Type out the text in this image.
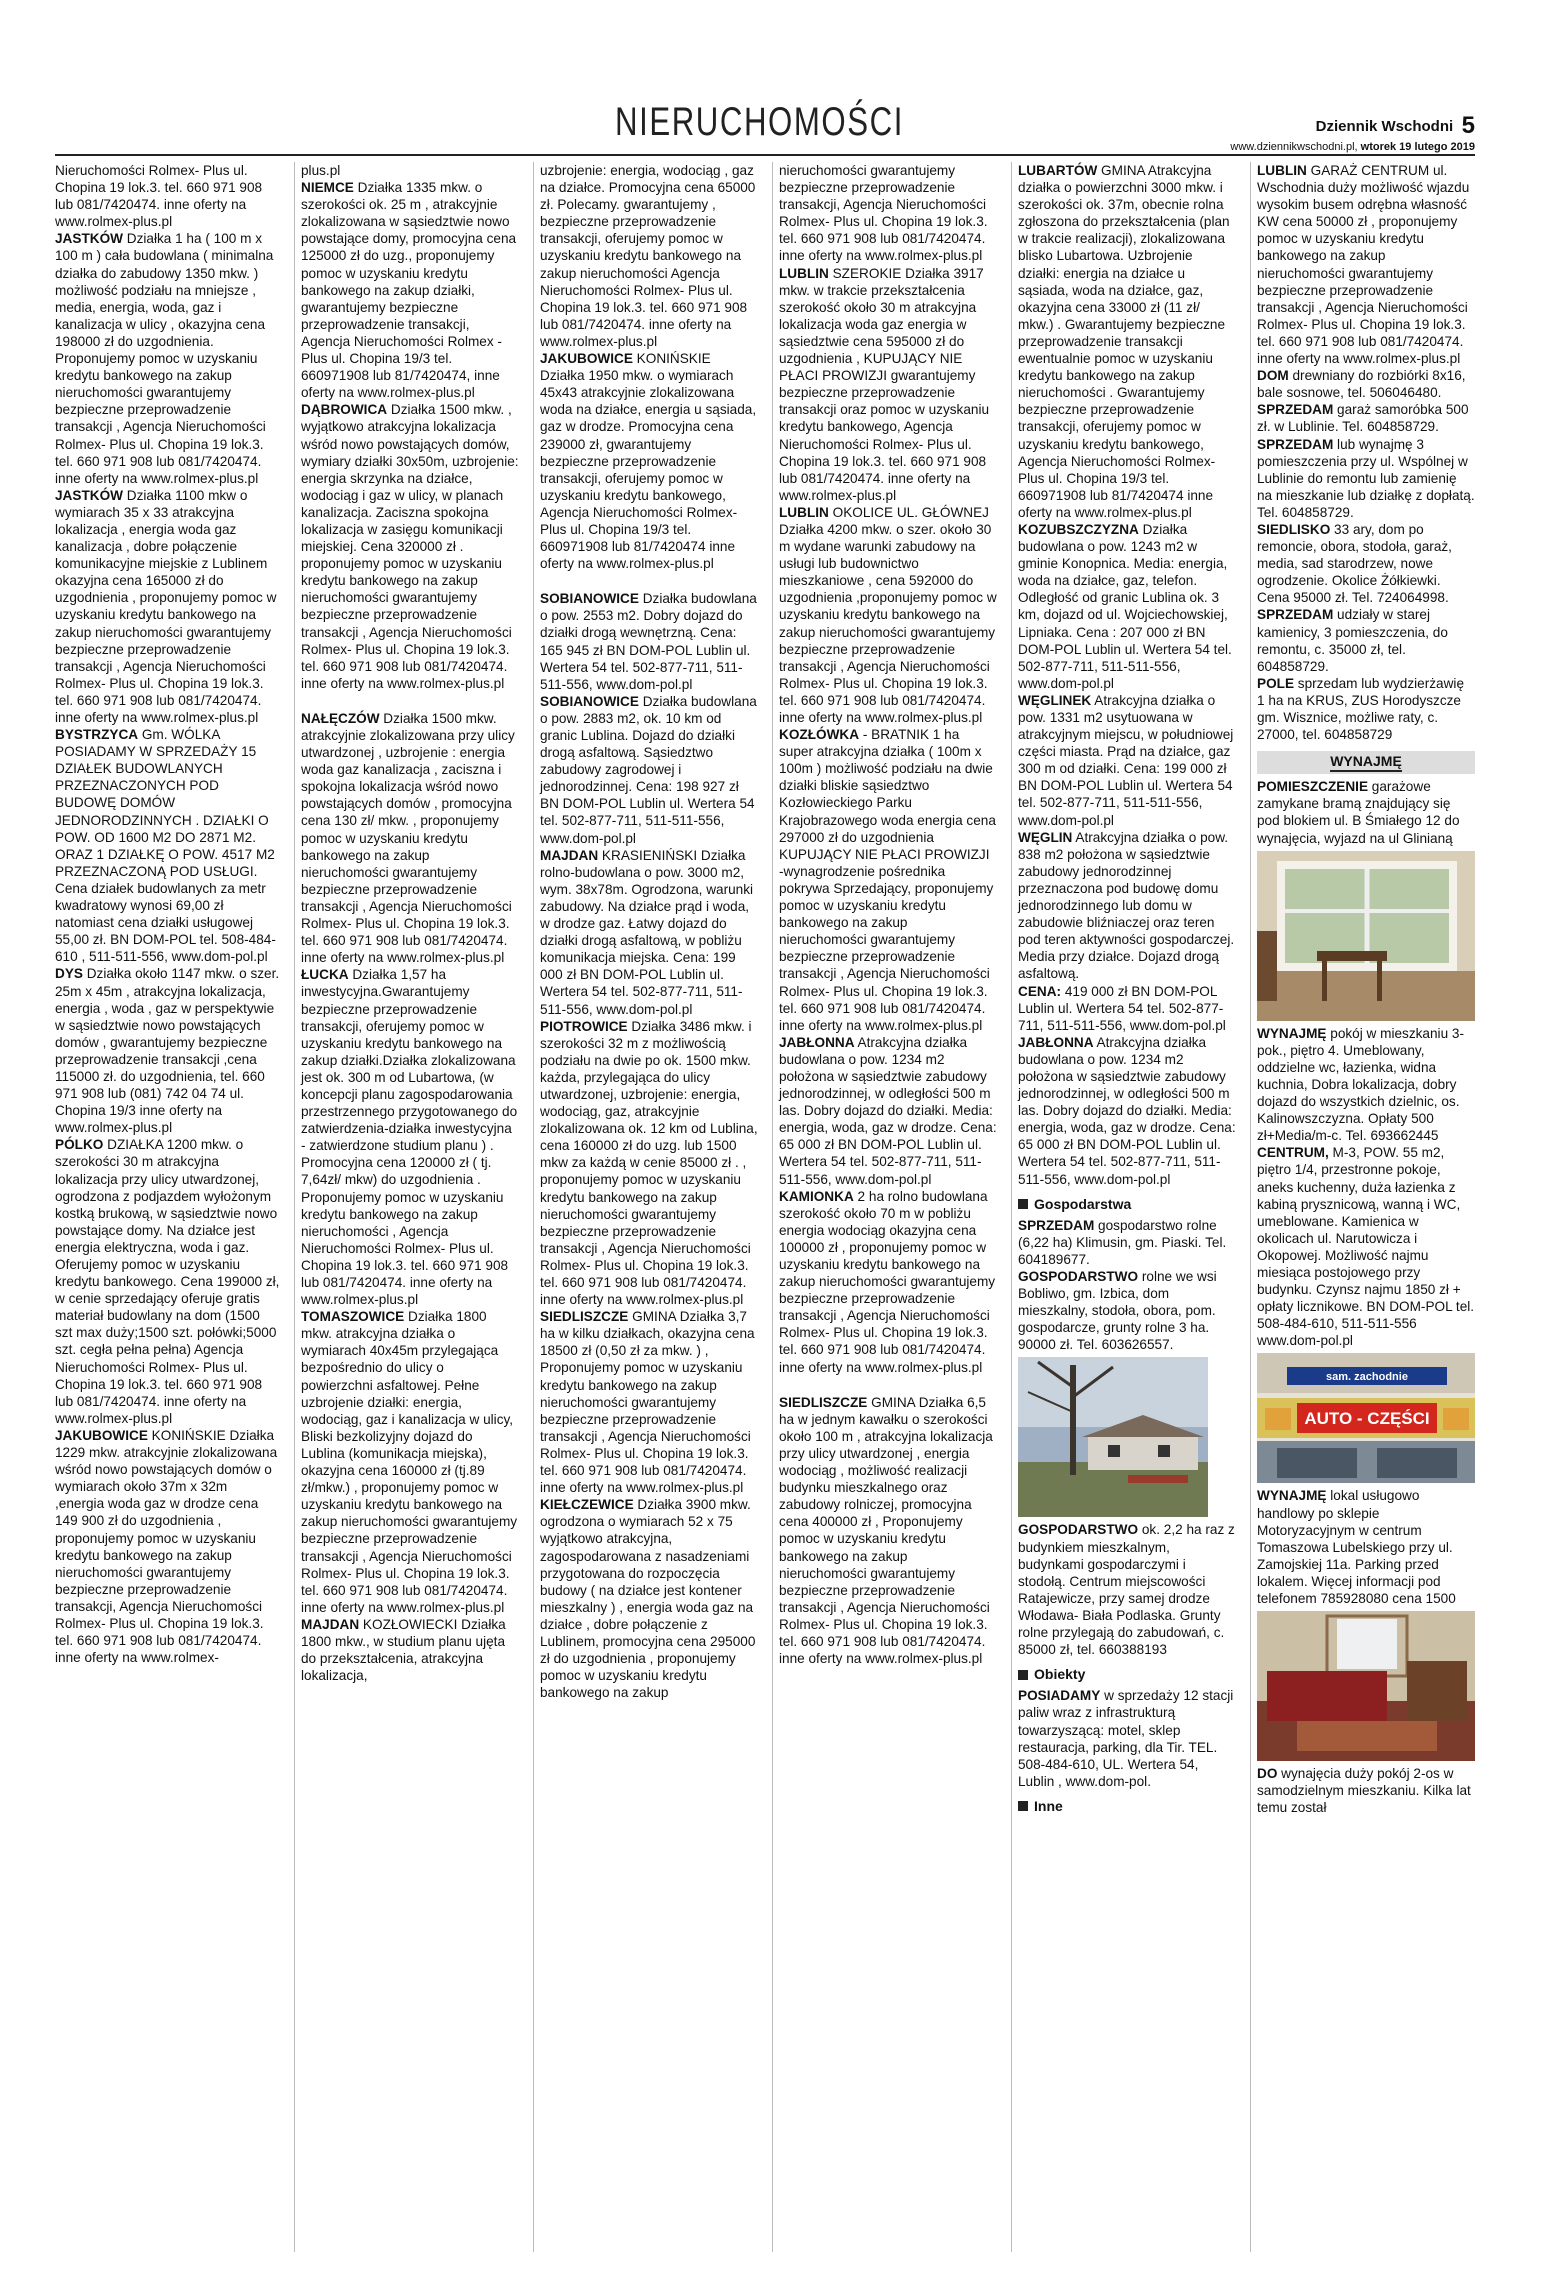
NIERUCHOMOŚCI	Dziennik Wschodni 5
www.dziennikwschodni.pl, wtorek 19 lutego 2019

Nieruchomości Rolmex- Plus ul. Chopina 19 lok.3. tel. 660 971 908 lub 081/7420474. inne oferty na www.rolmex-plus.pl

JASTKÓW Działka 1 ha ( 100 m x 100 m ) cała budowlana ( minimalna działka do zabudowy 1350 mkw. ) możliwość podziału na mniejsze , media, energia, woda, gaz i kanalizacja w ulicy , okazyjna cena 198000 zł do uzgodnienia. Proponujemy pomoc w uzyskaniu kredytu bankowego na zakup nieruchomości gwarantujemy bezpieczne przeprowadzenie transakcji , Agencja Nieruchomości Rolmex- Plus ul. Chopina 19 lok.3. tel. 660 971 908 lub 081/7420474. inne oferty na www.rolmex-plus.pl

JASTKÓW Działka 1100 mkw o wymiarach 35 x 33 atrakcyjna lokalizacja , energia woda gaz kanalizacja , dobre połączenie komunikacyjne miejskie z Lublinem okazyjna cena 165000 zł do uzgodnienia , proponujemy pomoc w uzyskaniu kredytu bankowego na zakup nieruchomości gwarantujemy bezpieczne przeprowadzenie transakcji , Agencja Nieruchomości Rolmex- Plus ul. Chopina 19 lok.3. tel. 660 971 908 lub 081/7420474. inne oferty na www.rolmex-plus.pl

BYSTRZYCA Gm. WÓLKA POSIADAMY W SPRZEDAŻY 15 DZIAŁEK BUDOWLANYCH PRZEZNACZONYCH POD BUDOWĘ DOMÓW JEDNORODZINNYCH . DZIAŁKI O POW. OD 1600 M2 DO 2871 M2. ORAZ 1 DZIAŁKĘ O POW. 4517 M2 PRZEZNACZONĄ POD USŁUGI. Cena działek budowlanych za metr kwadratowy wynosi 69,00 zł natomiast cena działki usługowej 55,00 zł. BN DOM-POL tel. 508-484-610 , 511-511-556, www.dom-pol.pl

DYS Działka około 1147 mkw. o szer. 25m x 45m , atrakcyjna lokalizacja, energia , woda , gaz w perspektywie w sąsiedztwie nowo powstających domów , gwarantujemy bezpieczne przeprowadzenie transakcji ,cena 115000 zł. do uzgodnienia, tel. 660 971 908 lub (081) 742 04 74 ul. Chopina 19/3 inne oferty na www.rolmex-plus.pl

PÓLKO DZIAŁKA 1200 mkw. o szerokości 30 m atrakcyjna lokalizacja przy ulicy utwardzonej, ogrodzona z podjazdem wyłożonym kostką brukową, w sąsiedztwie nowo powstające domy. Na działce jest energia elektryczna, woda i gaz. Oferujemy pomoc w uzyskaniu kredytu bankowego. Cena 199000 zł, w cenie sprzedający oferuje gratis materiał budowlany na dom (1500 szt max duży;1500 szt. połówki;5000 szt. cegła pełna pełna) Agencja Nieruchomości Rolmex- Plus ul. Chopina 19 lok.3. tel. 660 971 908 lub 081/7420474. inne oferty na www.rolmex-plus.pl

JAKUBOWICE KONIŃSKIE Działka 1229 mkw. atrakcyjnie zlokalizowana wśród nowo powstających domów o wymiarach około 37m x 32m ,energia woda gaz w drodze cena 149 900 zł do uzgodnienia , proponujemy pomoc w uzyskaniu kredytu bankowego na zakup nieruchomości gwarantujemy bezpieczne przeprowadzenie transakcji, Agencja Nieruchomości Rolmex- Plus ul. Chopina 19 lok.3. tel. 660 971 908 lub 081/7420474. inne oferty na www.rolmex-

plus.pl

NIEMCE Działka 1335 mkw. o szerokości ok. 25 m , atrakcyjnie zlokalizowana w sąsiedztwie nowo powstające domy, promocyjna cena 125000 zł do uzg., proponujemy pomoc w uzyskaniu kredytu bankowego na zakup działki, gwarantujemy bezpieczne przeprowadzenie transakcji, Agencja Nieruchomości Rolmex - Plus ul. Chopina 19/3 tel. 660971908 lub 81/7420474, inne oferty na www.rolmex-plus.pl

DĄBROWICA Działka 1500 mkw. , wyjątkowo atrakcyjna lokalizacja wśród nowo powstających domów, wymiary działki 30x50m, uzbrojenie: energia skrzynka na działce, wodociąg i gaz w ulicy, w planach kanalizacja. Zaciszna spokojna lokalizacja w zasięgu komunikacji miejskiej. Cena 320000 zł . proponujemy pomoc w uzyskaniu kredytu bankowego na zakup nieruchomości gwarantujemy bezpieczne przeprowadzenie transakcji , Agencja Nieruchomości Rolmex- Plus ul. Chopina 19 lok.3. tel. 660 971 908 lub 081/7420474. inne oferty na www.rolmex-plus.pl

NAŁĘCZÓW Działka 1500 mkw. atrakcyjnie zlokalizowana przy ulicy utwardzonej , uzbrojenie : energia woda gaz kanalizacja , zaciszna i spokojna lokalizacja wśród nowo powstających domów , promocyjna cena 130 zł/ mkw. , proponujemy pomoc w uzyskaniu kredytu bankowego na zakup nieruchomości gwarantujemy bezpieczne przeprowadzenie transakcji , Agencja Nieruchomości Rolmex- Plus ul. Chopina 19 lok.3. tel. 660 971 908 lub 081/7420474. inne oferty na www.rolmex-plus.pl

ŁUCKA Działka 1,57 ha inwestycyjna.Gwarantujemy bezpieczne przeprowadzenie transakcji, oferujemy pomoc w uzyskaniu kredytu bankowego na zakup działki.Działka zlokalizowana jest ok. 300 m od Lubartowa, (w koncepcji planu zagospodarowania przestrzennego przygotowanego do zatwierdzenia-działka inwestycyjna - zatwierdzone studium planu ) . Promocyjna cena 120000 zł ( tj. 7,64zł/ mkw) do uzgodnienia . Proponujemy pomoc w uzyskaniu kredytu bankowego na zakup nieruchomości , Agencja Nieruchomości Rolmex- Plus ul. Chopina 19 lok.3. tel. 660 971 908 lub 081/7420474. inne oferty na www.rolmex-plus.pl

TOMASZOWICE Działka 1800 mkw. atrakcyjna działka o wymiarach 40x45m przylegająca bezpośrednio do ulicy o powierzchni asfaltowej. Pełne uzbrojenie działki: energia, wodociąg, gaz i kanalizacja w ulicy, Bliski bezkolizyjny dojazd do Lublina (komunikacja miejska), okazyjna cena 160000 zł (tj.89 zł/mkw.) , proponujemy pomoc w uzyskaniu kredytu bankowego na zakup nieruchomości gwarantujemy bezpieczne przeprowadzenie transakcji , Agencja Nieruchomości Rolmex- Plus ul. Chopina 19 lok.3. tel. 660 971 908 lub 081/7420474. inne oferty na www.rolmex-plus.pl

MAJDAN KOZŁOWIECKI Działka 1800 mkw., w studium planu ujęta do przekształcenia, atrakcyjna lokalizacja,

uzbrojenie: energia, wodociąg , gaz na działce. Promocyjna cena 65000 zł. Polecamy. gwarantujemy , bezpieczne przeprowadzenie transakcji, oferujemy pomoc w uzyskaniu kredytu bankowego na zakup nieruchomości Agencja Nieruchomości Rolmex- Plus ul. Chopina 19 lok.3. tel. 660 971 908 lub 081/7420474. inne oferty na www.rolmex-plus.pl

JAKUBOWICE KONIŃSKIE Działka 1950 mkw. o wymiarach 45x43 atrakcyjnie zlokalizowana woda na działce, energia u sąsiada, gaz w drodze. Promocyjna cena 239000 zł, gwarantujemy bezpieczne przeprowadzenie transakcji, oferujemy pomoc w uzyskaniu kredytu bankowego, Agencja Nieruchomości Rolmex-Plus ul. Chopina 19/3 tel. 660971908 lub 81/7420474 inne oferty na www.rolmex-plus.pl

SOBIANOWICE Działka budowlana o pow. 2553 m2. Dobry dojazd do działki drogą wewnętrzną. Cena: 165 945 zł BN DOM-POL Lublin ul. Wertera 54 tel. 502-877-711, 511-511-556, www.dom-pol.pl

SOBIANOWICE Działka budowlana o pow. 2883 m2, ok. 10 km od granic Lublina. Dojazd do działki drogą asfaltową. Sąsiedztwo zabudowy zagrodowej i jednorodzinnej. Cena: 198 927 zł BN DOM-POL Lublin ul. Wertera 54 tel. 502-877-711, 511-511-556, www.dom-pol.pl

MAJDAN KRASIENIŃSKI Działka rolno-budowlana o pow. 3000 m2, wym. 38x78m. Ogrodzona, warunki zabudowy. Na działce prąd i woda, w drodze gaz. Łatwy dojazd do działki drogą asfaltową, w pobliżu komunikacja miejska. Cena: 199 000 zł BN DOM-POL Lublin ul. Wertera 54 tel. 502-877-711, 511-511-556, www.dom-pol.pl

PIOTROWICE Działka 3486 mkw. i szerokości 32 m z możliwością podziału na dwie po ok. 1500 mkw. każda, przylegająca do ulicy utwardzonej, uzbrojenie: energia, wodociąg, gaz, atrakcyjnie zlokalizowana ok. 12 km od Lublina, cena 160000 zł do uzg. lub 1500 mkw za każdą w cenie 85000 zł . , proponujemy pomoc w uzyskaniu kredytu bankowego na zakup nieruchomości gwarantujemy bezpieczne przeprowadzenie transakcji , Agencja Nieruchomości Rolmex- Plus ul. Chopina 19 lok.3. tel. 660 971 908 lub 081/7420474. inne oferty na www.rolmex-plus.pl

SIEDLISZCZE GMINA Działka 3,7 ha w kilku działkach, okazyjna cena 18500 zł (0,50 zł za mkw. ) , Proponujemy pomoc w uzyskaniu kredytu bankowego na zakup nieruchomości gwarantujemy bezpieczne przeprowadzenie transakcji , Agencja Nieruchomości Rolmex- Plus ul. Chopina 19 lok.3. tel. 660 971 908 lub 081/7420474. inne oferty na www.rolmex-plus.pl

KIEŁCZEWICE Działka 3900 mkw. ogrodzona o wymiarach 52 x 75 wyjątkowo atrakcyjna, zagospodarowana z nasadzeniami przygotowana do rozpoczęcia budowy ( na działce jest kontener mieszkalny ) , energia woda gaz na działce , dobre połączenie z Lublinem, promocyjna cena 295000 zł do uzgodnienia , proponujemy pomoc w uzyskaniu kredytu bankowego na zakup

nieruchomości gwarantujemy bezpieczne przeprowadzenie transakcji, Agencja Nieruchomości Rolmex- Plus ul. Chopina 19 lok.3. tel. 660 971 908 lub 081/7420474. inne oferty na www.rolmex-plus.pl

LUBLIN SZEROKIE Działka 3917 mkw. w trakcie przekształcenia szerokość około 30 m atrakcyjna lokalizacja woda gaz energia w sąsiedztwie cena 595000 zł do uzgodnienia , KUPUJĄCY NIE PŁACI PROWIZJI gwarantujemy bezpieczne przeprowadzenie transakcji oraz pomoc w uzyskaniu kredytu bankowego, Agencja Nieruchomości Rolmex- Plus ul. Chopina 19 lok.3. tel. 660 971 908 lub 081/7420474. inne oferty na www.rolmex-plus.pl

LUBLIN OKOLICE UL. GŁÓWNEJ Działka 4200 mkw. o szer. około 30 m wydane warunki zabudowy na usługi lub budownictwo mieszkaniowe , cena 592000 do uzgodnienia ,proponujemy pomoc w uzyskaniu kredytu bankowego na zakup nieruchomości gwarantujemy bezpieczne przeprowadzenie transakcji , Agencja Nieruchomości Rolmex- Plus ul. Chopina 19 lok.3. tel. 660 971 908 lub 081/7420474. inne oferty na www.rolmex-plus.pl

KOZŁÓWKA - BRATNIK 1 ha super atrakcyjna działka ( 100m x 100m ) możliwość podziału na dwie działki bliskie sąsiedztwo Kozłowieckiego Parku Krajobrazowego woda energia cena 297000 zł do uzgodnienia KUPUJĄCY NIE PŁACI PROWIZJI -wynagrodzenie pośrednika pokrywa Sprzedający, proponujemy pomoc w uzyskaniu kredytu bankowego na zakup nieruchomości gwarantujemy bezpieczne przeprowadzenie transakcji , Agencja Nieruchomości Rolmex- Plus ul. Chopina 19 lok.3. tel. 660 971 908 lub 081/7420474. inne oferty na www.rolmex-plus.pl

JABŁONNA Atrakcyjna działka budowlana o pow. 1234 m2 położona w sąsiedztwie zabudowy jednorodzinnej, w odległości 500 m las. Dobry dojazd do działki. Media: energia, woda, gaz w drodze. Cena: 65 000 zł BN DOM-POL Lublin ul. Wertera 54 tel. 502-877-711, 511-511-556, www.dom-pol.pl

KAMIONKA 2 ha rolno budowlana szerokość około 70 m w pobliżu energia wodociąg okazyjna cena 100000 zł , proponujemy pomoc w uzyskaniu kredytu bankowego na zakup nieruchomości gwarantujemy bezpieczne przeprowadzenie transakcji , Agencja Nieruchomości Rolmex- Plus ul. Chopina 19 lok.3. tel. 660 971 908 lub 081/7420474. inne oferty na www.rolmex-plus.pl

SIEDLISZCZE GMINA Działka 6,5 ha w jednym kawałku o szerokości około 100 m , atrakcyjna lokalizacja przy ulicy utwardzonej , energia wodociąg , możliwość realizacji budynku mieszkalnego oraz zabudowy rolniczej, promocyjna cena 400000 zł , Proponujemy pomoc w uzyskaniu kredytu bankowego na zakup nieruchomości gwarantujemy bezpieczne przeprowadzenie transakcji , Agencja Nieruchomości Rolmex- Plus ul. Chopina 19 lok.3. tel. 660 971 908 lub 081/7420474. inne oferty na www.rolmex-plus.pl

LUBARTÓW GMINA Atrakcyjna działka o powierzchni 3000 mkw. i szerokości ok. 37m, obecnie rolna zgłoszona do przekształcenia (plan w trakcie realizacji), zlokalizowana blisko Lubartowa. Uzbrojenie działki: energia na działce u sąsiada, woda na działce, gaz, okazyjna cena 33000 zł (11 zł/ mkw.) . Gwarantujemy bezpieczne przeprowadzenie transakcji ewentualnie pomoc w uzyskaniu kredytu bankowego na zakup nieruchomości . Gwarantujemy bezpieczne przeprowadzenie transakcji, oferujemy pomoc w uzyskaniu kredytu bankowego, Agencja Nieruchomości Rolmex-Plus ul. Chopina 19/3 tel. 660971908 lub 81/7420474 inne oferty na www.rolmex-plus.pl

KOZUBSZCZYZNA Działka budowlana o pow. 1243 m2 w gminie Konopnica. Media: energia, woda na działce, gaz, telefon. Odległość od granic Lublina ok. 3 km, dojazd od ul. Wojciechowskiej, Lipniaka. Cena : 207 000 zł BN DOM-POL Lublin ul. Wertera 54 tel. 502-877-711, 511-511-556, www.dom-pol.pl

WĘGLINEK Atrakcyjna działka o pow. 1331 m2 usytuowana w atrakcyjnym miejscu, w południowej części miasta. Prąd na działce, gaz 300 m od działki. Cena: 199 000 zł BN DOM-POL Lublin ul. Wertera 54 tel. 502-877-711, 511-511-556, www.dom-pol.pl

WĘGLIN Atrakcyjna działka o pow. 838 m2 położona w sąsiedztwie zabudowy jednorodzinnej przeznaczona pod budowę domu jednorodzinnego lub domu w zabudowie bliźniaczej oraz teren pod teren aktywności gospodarczej. Media przy działce. Dojazd drogą asfaltową.

CENA: 419 000 zł BN DOM-POL Lublin ul. Wertera 54 tel. 502-877-711, 511-511-556, www.dom-pol.pl

JABŁONNA Atrakcyjna działka budowlana o pow. 1234 m2 położona w sąsiedztwie zabudowy jednorodzinnej, w odległości 500 m las. Dobry dojazd do działki. Media: energia, woda, gaz w drodze. Cena: 65 000 zł BN DOM-POL Lublin ul. Wertera 54 tel. 502-877-711, 511-511-556, www.dom-pol.pl

Gospodarstwa

SPRZEDAM gospodarstwo rolne (6,22 ha) Klimusin, gm. Piaski. Tel. 604189677.

GOSPODARSTWO rolne we wsi Bobliwo, gm. Izbica, dom mieszkalny, stodoła, obora, pom. gospodarcze, grunty rolne 3 ha. 90000 zł. Tel. 603626557.

GOSPODARSTWO ok. 2,2 ha raz z budynkiem mieszkalnym, budynkami gospodarczymi i stodołą. Centrum miejscowości Ratajewicze, przy samej drodze Włodawa- Biała Podlaska. Grunty rolne przylegają do zabudowań, c. 85000 zł, tel. 660388193

Obiekty

POSIADAMY w sprzedaży 12 stacji paliw wraz z infrastrukturą towarzyszącą: motel, sklep restauracja, parking, dla Tir. TEL. 508-484-610, UL. Wertera 54, Lublin , www.dom-pol.

Inne

LUBLIN GARAŻ CENTRUM ul. Wschodnia duży możliwość wjazdu wysokim busem odrębna własność KW cena 50000 zł , proponujemy pomoc w uzyskaniu kredytu bankowego na zakup nieruchomości gwarantujemy bezpieczne przeprowadzenie transakcji , Agencja Nieruchomości Rolmex- Plus ul. Chopina 19 lok.3. tel. 660 971 908 lub 081/7420474. inne oferty na www.rolmex-plus.pl

DOM drewniany do rozbiórki 8x16, bale sosnowe, tel. 506046480.

SPRZEDAM garaż samoróbka 500 zł. w Lublinie. Tel. 604858729.

SPRZEDAM lub wynajmę 3 pomieszczenia przy ul. Wspólnej w Lublinie do remontu lub zamienię na mieszkanie lub działkę z dopłatą. Tel. 604858729.

SIEDLISKO 33 ary, dom po remoncie, obora, stodoła, garaż, media, sad starodrzew, nowe ogrodzenie. Okolice Żółkiewki. Cena 95000 zł. Tel. 724064998.

SPRZEDAM udziały w starej kamienicy, 3 pomieszczenia, do remontu, c. 35000 zł, tel. 604858729.

POLE sprzedam lub wydzierżawię 1 ha na KRUS, ZUS Horodyszcze gm. Wisznice, możliwe raty, c. 27000, tel. 604858729

WYNAJMĘ

POMIESZCZENIE garażowe zamykane bramą znajdujący się pod blokiem ul. B Śmiałego 12 do wynajęcia, wyjazd na ul Glinianą

WYNAJMĘ pokój w mieszkaniu 3-pok., piętro 4. Umeblowany, oddzielne wc, łazienka, widna kuchnia, Dobra lokalizacja, dobry dojazd do wszystkich dzielnic, os. Kalinowszczyzna. Opłaty 500 zł+Media/m-c. Tel. 693662445

CENTRUM, M-3, POW. 55 m2, piętro 1/4, przestronne pokoje, aneks kuchenny, duża łazienka z kabiną prysznicową, wanną i WC, umeblowane. Kamienica w okolicach ul. Narutowicza i Okopowej. Możliwość najmu miesiąca postojowego przy budynku. Czynsz najmu 1850 zł + opłaty licznikowe. BN DOM-POL tel. 508-484-610, 511-511-556 www.dom-pol.pl

sam. zachodnie
AUTO - CZĘŚCI

WYNAJMĘ lokal usługowo handlowy po sklepie Motoryzacyjnym w centrum Tomaszowa Lubelskiego przy ul. Zamojskiej 11a. Parking przed lokalem. Więcej informacji pod telefonem 785928080 cena 1500

DO wynajęcia duży pokój 2-os w samodzielnym mieszkaniu. Kilka lat temu został
